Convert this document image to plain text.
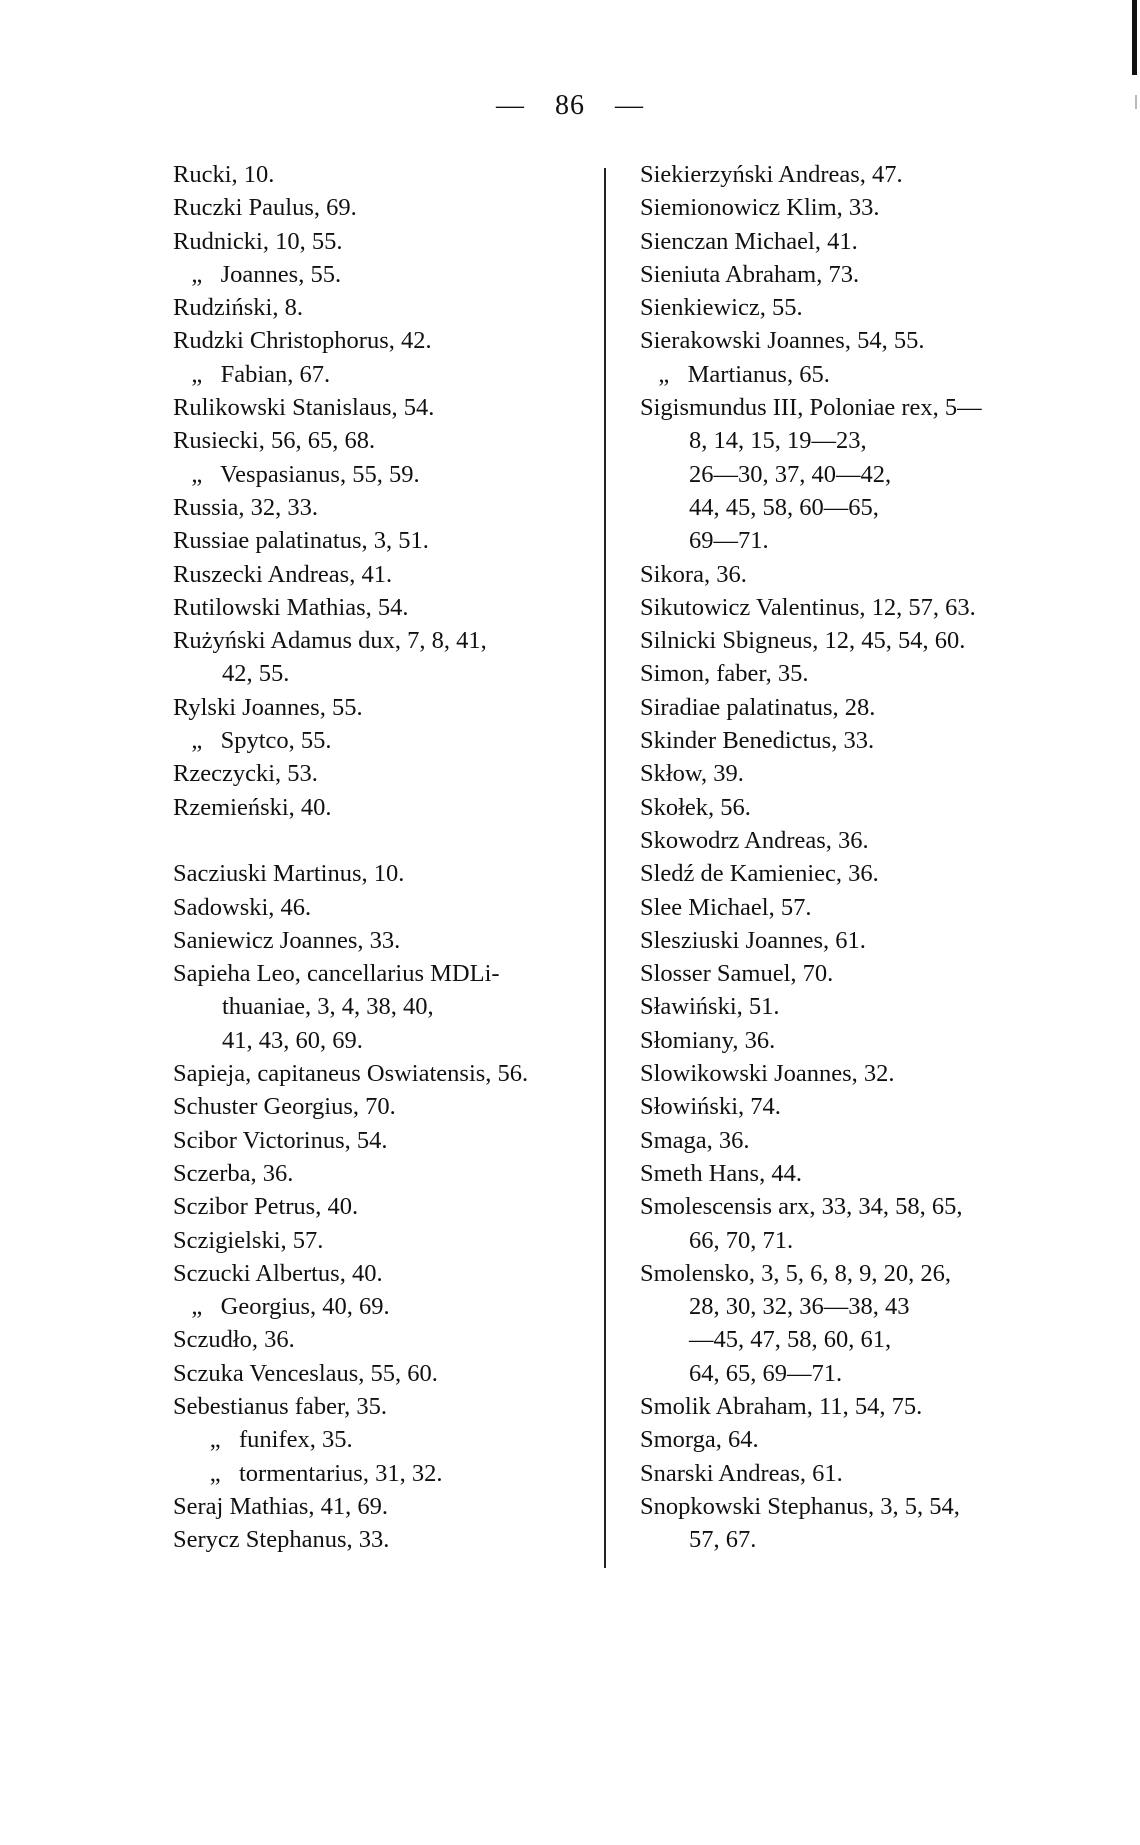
— 86 —
Rucki, 10.
Ruczki Paulus, 69.
Rudnicki, 10, 55.
„   Joannes, 55.
Rudziński, 8.
Rudzki Christophorus, 42.
„   Fabian, 67.
Rulikowski Stanislaus, 54.
Rusiecki, 56, 65, 68.
„   Vespasianus, 55, 59.
Russia, 32, 33.
Russiae palatinatus, 3, 51.
Ruszecki Andreas, 41.
Rutilowski Mathias, 54.
Rużyński Adamus dux, 7, 8, 41,
42, 55.
Rylski Joannes, 55.
„   Spytco, 55.
Rzeczycki, 53.
Rzemieński, 40.
Sacziuski Martinus, 10.
Sadowski, 46.
Saniewicz Joannes, 33.
Sapieha Leo, cancellarius MDLi-
thuaniae, 3, 4, 38, 40,
41, 43, 60, 69.
Sapieja, capitaneus Oswiatensis, 56.
Schuster Georgius, 70.
Scibor Victorinus, 54.
Sczerba, 36.
Sczibor Petrus, 40.
Sczigielski, 57.
Sczucki Albertus, 40.
„   Georgius, 40, 69.
Sczudło, 36.
Sczuka Venceslaus, 55, 60.
Sebestianus faber, 35.
„   funifex, 35.
„   tormentarius, 31, 32.
Seraj Mathias, 41, 69.
Serycz Stephanus, 33.
Siekierzyński Andreas, 47.
Siemionowicz Klim, 33.
Sienczan Michael, 41.
Sieniuta Abraham, 73.
Sienkiewicz, 55.
Sierakowski Joannes, 54, 55.
„   Martianus, 65.
Sigismundus III, Poloniae rex, 5—
8, 14, 15, 19—23,
26—30, 37, 40—42,
44, 45, 58, 60—65,
69—71.
Sikora, 36.
Sikutowicz Valentinus, 12, 57, 63.
Silnicki Sbigneus, 12, 45, 54, 60.
Simon, faber, 35.
Siradiae palatinatus, 28.
Skinder Benedictus, 33.
Skłow, 39.
Skołek, 56.
Skowodrz Andreas, 36.
Sledź de Kamieniec, 36.
Slee Michael, 57.
Slesziuski Joannes, 61.
Slosser Samuel, 70.
Sławiński, 51.
Słomiany, 36.
Slowikowski Joannes, 32.
Słowiński, 74.
Smaga, 36.
Smeth Hans, 44.
Smolescensis arx, 33, 34, 58, 65,
66, 70, 71.
Smolensko, 3, 5, 6, 8, 9, 20, 26,
28, 30, 32, 36—38, 43
—45, 47, 58, 60, 61,
64, 65, 69—71.
Smolik Abraham, 11, 54, 75.
Smorga, 64.
Snarski Andreas, 61.
Snopkowski Stephanus, 3, 5, 54,
57, 67.
